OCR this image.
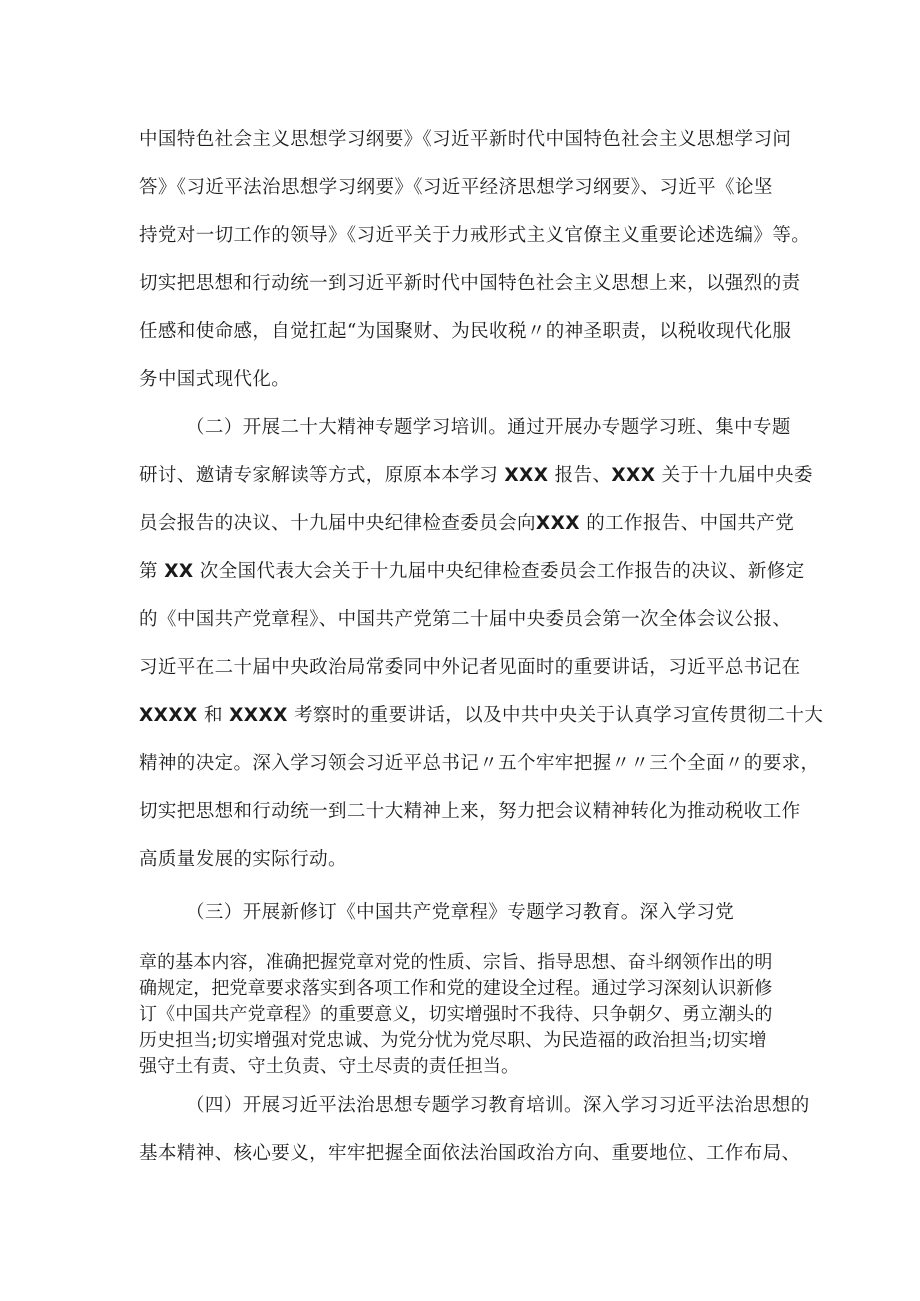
中国特色社会主义思想学习纲要》《习近平新时代中国特色社会主义思想学习问

答》《习近平法治思想学习纲要》《习近平经济思想学习纲要》、习近平《论坚

持党对一切工作的领导》《习近平关于力戒形式主义官僚主义重要论述选编》等。

切实把思想和行动统一到习近平新时代中国特色社会主义思想上来，以强烈的责

任感和使命感，自觉扛起“为国聚财、为民收税〃的神圣职责，以税收现代化服

务中国式现代化。

（二）开展二十大精神专题学习培训。通过开展办专题学习班、集中专题

研讨、邀请专家解读等方式，原原本本学习 XXX 报告、XXX 关于十九届中央委

员会报告的决议、十九届中央纪律检查委员会向XXX 的工作报告、中国共产党

第 XX 次全国代表大会关于十九届中央纪律检查委员会工作报告的决议、新修定

的《中国共产党章程》、中国共产党第二十届中央委员会第一次全体会议公报、

习近平在二十届中央政治局常委同中外记者见面时的重要讲话，习近平总书记在

XXXX 和 XXXX 考察时的重要讲话，以及中共中央关于认真学习宣传贯彻二十大

精神的决定。深入学习领会习近平总书记〃五个牢牢把握〃〃三个全面〃的要求，

切实把思想和行动统一到二十大精神上来，努力把会议精神转化为推动税收工作

高质量发展的实际行动。

（三）开展新修订《中国共产党章程》专题学习教育。深入学习党

章的基本内容，准确把握党章对党的性质、宗旨、指导思想、奋斗纲领作出的明

确规定，把党章要求落实到各项工作和党的建设全过程。通过学习深刻认识新修

订《中国共产党章程》的重要意义，切实增强时不我待、只争朝夕、勇立潮头的

历史担当;切实增强对党忠诚、为党分忧为党尽职、为民造福的政治担当;切实增

强守土有责、守土负责、守土尽责的责任担当。

（四）开展习近平法治思想专题学习教育培训。深入学习习近平法治思想的

基本精神、核心要义，牢牢把握全面依法治国政治方向、重要地位、工作布局、
